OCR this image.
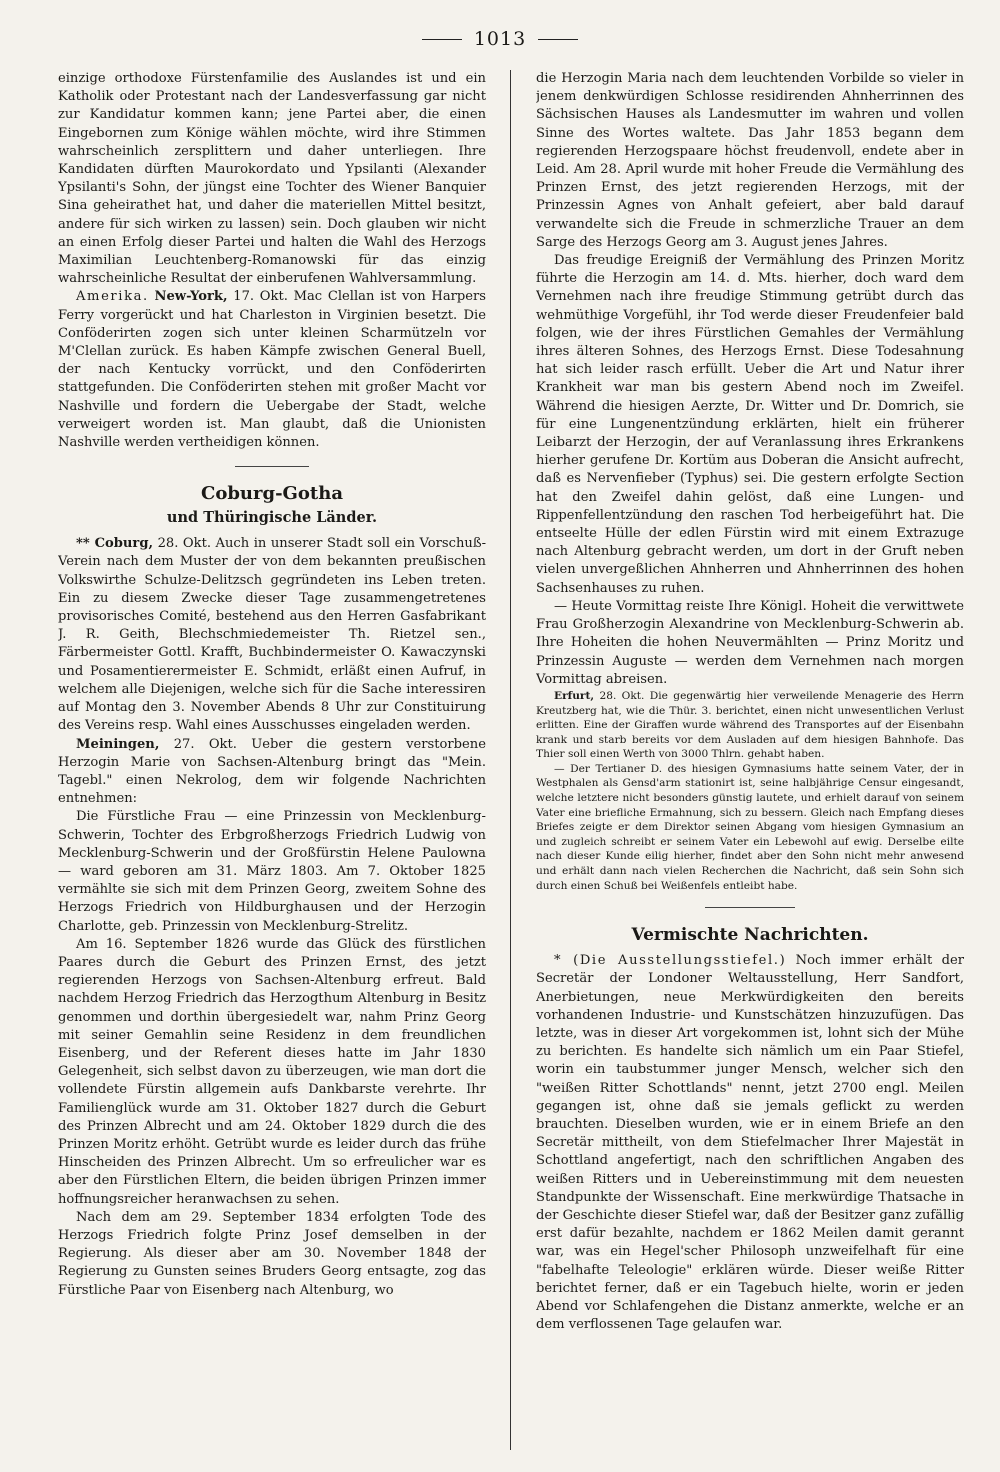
1013

einzige orthodoxe Fürstenfamilie des Auslandes ist und ein Katholik oder Protestant nach der Landesverfassung gar nicht zur Kandidatur kommen kann; jene Partei aber, die einen Eingebornen zum Könige wählen möchte, wird ihre Stimmen wahrscheinlich zersplittern und daher unterliegen. Ihre Kandidaten dürften Maurokordato und Ypsilanti (Alexander Ypsilanti's Sohn, der jüngst eine Tochter des Wiener Banquier Sina geheirathet hat, und daher die materiellen Mittel besitzt, andere für sich wirken zu lassen) sein. Doch glauben wir nicht an einen Erfolg dieser Partei und halten die Wahl des Herzogs Maximilian Leuchtenberg-Romanowski für das einzig wahrscheinliche Resultat der einberufenen Wahlversammlung.

Amerika. New-York, 17. Okt. Mac Clellan ist von Harpers Ferry vorgerückt und hat Charleston in Virginien besetzt. Die Conföderirten zogen sich unter kleinen Scharmützeln vor M'Clellan zurück. Es haben Kämpfe zwischen General Buell, der nach Kentucky vorrückt, und den Conföderirten stattgefunden. Die Conföderirten stehen mit großer Macht vor Nashville und fordern die Uebergabe der Stadt, welche verweigert worden ist. Man glaubt, daß die Unionisten Nashville werden vertheidigen können.

Coburg-Gotha
und Thüringische Länder.

** Coburg, 28. Okt. Auch in unserer Stadt soll ein Vorschuß-Verein nach dem Muster der von dem bekannten preußischen Volkswirthe Schulze-Delitzsch gegründeten ins Leben treten. Ein zu diesem Zwecke dieser Tage zusammengetretenes provisorisches Comité, bestehend aus den Herren Gasfabrikant J. R. Geith, Blechschmiedemeister Th. Rietzel sen., Färbermeister Gottl. Krafft, Buchbindermeister O. Kawaczynski und Posamentierermeister E. Schmidt, erläßt einen Aufruf, in welchem alle Diejenigen, welche sich für die Sache interessiren auf Montag den 3. November Abends 8 Uhr zur Constituirung des Vereins resp. Wahl eines Ausschusses eingeladen werden.

Meiningen, 27. Okt. Ueber die gestern verstorbene Herzogin Marie von Sachsen-Altenburg bringt das "Mein. Tagebl." einen Nekrolog, dem wir folgende Nachrichten entnehmen:

Die Fürstliche Frau — eine Prinzessin von Mecklenburg-Schwerin, Tochter des Erbgroßherzogs Friedrich Ludwig von Mecklenburg-Schwerin und der Großfürstin Helene Paulowna — ward geboren am 31. März 1803. Am 7. Oktober 1825 vermählte sie sich mit dem Prinzen Georg, zweitem Sohne des Herzogs Friedrich von Hildburghausen und der Herzogin Charlotte, geb. Prinzessin von Mecklenburg-Strelitz.

Am 16. September 1826 wurde das Glück des fürstlichen Paares durch die Geburt des Prinzen Ernst, des jetzt regierenden Herzogs von Sachsen-Altenburg erfreut. Bald nachdem Herzog Friedrich das Herzogthum Altenburg in Besitz genommen und dorthin übergesiedelt war, nahm Prinz Georg mit seiner Gemahlin seine Residenz in dem freundlichen Eisenberg, und der Referent dieses hatte im Jahr 1830 Gelegenheit, sich selbst davon zu überzeugen, wie man dort die vollendete Fürstin allgemein aufs Dankbarste verehrte. Ihr Familienglück wurde am 31. Oktober 1827 durch die Geburt des Prinzen Albrecht und am 24. Oktober 1829 durch die des Prinzen Moritz erhöht. Getrübt wurde es leider durch das frühe Hinscheiden des Prinzen Albrecht. Um so erfreulicher war es aber den Fürstlichen Eltern, die beiden übrigen Prinzen immer hoffnungsreicher heranwachsen zu sehen.

Nach dem am 29. September 1834 erfolgten Tode des Herzogs Friedrich folgte Prinz Josef demselben in der Regierung. Als dieser aber am 30. November 1848 der Regierung zu Gunsten seines Bruders Georg entsagte, zog das Fürstliche Paar von Eisenberg nach Altenburg, wo

die Herzogin Maria nach dem leuchtenden Vorbilde so vieler in jenem denkwürdigen Schlosse residirenden Ahnherrinnen des Sächsischen Hauses als Landesmutter im wahren und vollen Sinne des Wortes waltete. Das Jahr 1853 begann dem regierenden Herzogspaare höchst freudenvoll, endete aber in Leid. Am 28. April wurde mit hoher Freude die Vermählung des Prinzen Ernst, des jetzt regierenden Herzogs, mit der Prinzessin Agnes von Anhalt gefeiert, aber bald darauf verwandelte sich die Freude in schmerzliche Trauer an dem Sarge des Herzogs Georg am 3. August jenes Jahres.

Das freudige Ereigniß der Vermählung des Prinzen Moritz führte die Herzogin am 14. d. Mts. hierher, doch ward dem Vernehmen nach ihre freudige Stimmung getrübt durch das wehmüthige Vorgefühl, ihr Tod werde dieser Freudenfeier bald folgen, wie der ihres Fürstlichen Gemahles der Vermählung ihres älteren Sohnes, des Herzogs Ernst. Diese Todesahnung hat sich leider rasch erfüllt. Ueber die Art und Natur ihrer Krankheit war man bis gestern Abend noch im Zweifel. Während die hiesigen Aerzte, Dr. Witter und Dr. Domrich, sie für eine Lungenentzündung erklärten, hielt ein früherer Leibarzt der Herzogin, der auf Veranlassung ihres Erkrankens hierher gerufene Dr. Kortüm aus Doberan die Ansicht aufrecht, daß es Nervenfieber (Typhus) sei. Die gestern erfolgte Section hat den Zweifel dahin gelöst, daß eine Lungen- und Rippenfellentzündung den raschen Tod herbeigeführt hat. Die entseelte Hülle der edlen Fürstin wird mit einem Extrazuge nach Altenburg gebracht werden, um dort in der Gruft neben vielen unvergeßlichen Ahnherren und Ahnherrinnen des hohen Sachsenhauses zu ruhen.

— Heute Vormittag reiste Ihre Königl. Hoheit die verwittwete Frau Großherzogin Alexandrine von Mecklenburg-Schwerin ab. Ihre Hoheiten die hohen Neuvermählten — Prinz Moritz und Prinzessin Auguste — werden dem Vernehmen nach morgen Vormittag abreisen.

Erfurt, 28. Okt. Die gegenwärtig hier verweilende Menagerie des Herrn Kreutzberg hat, wie die Thür. 3. berichtet, einen nicht unwesentlichen Verlust erlitten. Eine der Giraffen wurde während des Transportes auf der Eisenbahn krank und starb bereits vor dem Ausladen auf dem hiesigen Bahnhofe. Das Thier soll einen Werth von 3000 Thlrn. gehabt haben.

— Der Tertianer D. des hiesigen Gymnasiums hatte seinem Vater, der in Westphalen als Gensd'arm stationirt ist, seine halbjährige Censur eingesandt, welche letztere nicht besonders günstig lautete, und erhielt darauf von seinem Vater eine briefliche Ermahnung, sich zu bessern. Gleich nach Empfang dieses Briefes zeigte er dem Direktor seinen Abgang vom hiesigen Gymnasium an und zugleich schreibt er seinem Vater ein Lebewohl auf ewig. Derselbe eilte nach dieser Kunde eilig hierher, findet aber den Sohn nicht mehr anwesend und erhält dann nach vielen Recherchen die Nachricht, daß sein Sohn sich durch einen Schuß bei Weißenfels entleibt habe.

Vermischte Nachrichten.

* (Die Ausstellungsstiefel.) Noch immer erhält der Secretär der Londoner Weltausstellung, Herr Sandfort, Anerbietungen, neue Merkwürdigkeiten den bereits vorhandenen Industrie- und Kunstschätzen hinzuzufügen. Das letzte, was in dieser Art vorgekommen ist, lohnt sich der Mühe zu berichten. Es handelte sich nämlich um ein Paar Stiefel, worin ein taubstummer junger Mensch, welcher sich den "weißen Ritter Schottlands" nennt, jetzt 2700 engl. Meilen gegangen ist, ohne daß sie jemals geflickt zu werden brauchten. Dieselben wurden, wie er in einem Briefe an den Secretär mittheilt, von dem Stiefelmacher Ihrer Majestät in Schottland angefertigt, nach den schriftlichen Angaben des weißen Ritters und in Uebereinstimmung mit dem neuesten Standpunkte der Wissenschaft. Eine merkwürdige Thatsache in der Geschichte dieser Stiefel war, daß der Besitzer ganz zufällig erst dafür bezahlte, nachdem er 1862 Meilen damit gerannt war, was ein Hegel'scher Philosoph unzweifelhaft für eine "fabelhafte Teleologie" erklären würde. Dieser weiße Ritter berichtet ferner, daß er ein Tagebuch hielte, worin er jeden Abend vor Schlafengehen die Distanz anmerkte, welche er an dem verflossenen Tage gelaufen war.
